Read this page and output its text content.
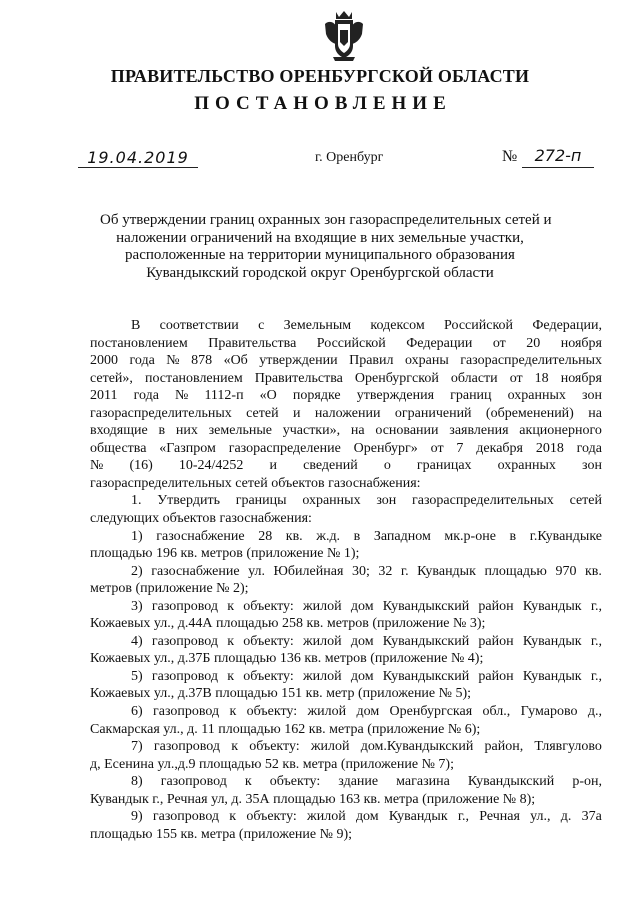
ПРАВИТЕЛЬСТВО ОРЕНБУРГСКОЙ ОБЛАСТИ
ПОСТАНОВЛЕНИЕ
19.04.2019	г. Оренбург	№	272-п
Об утверждении границ охранных зон газораспределительных сетей и
наложении ограничений на входящие в них земельные участки,
расположенные на территории муниципального образования
Кувандыкский городской округ Оренбургской области
В соответствии с Земельным кодексом Российской Федерации,
постановлением Правительства Российской Федерации от 20 ноября
2000 года № 878 «Об утверждении Правил охраны газораспределительных
сетей», постановлением Правительства Оренбургской области от 18 ноября
2011 года № 1112-п «О порядке утверждения границ охранных зон
газораспределительных сетей и наложении ограничений (обременений) на
входящие в них земельные участки», на основании заявления акционерного
общества «Газпром газораспределение Оренбург» от 7 декабря 2018 года
№ (16) 10-24/4252 и сведений о границах охранных зон
газораспределительных сетей объектов газоснабжения:
1. Утвердить границы охранных зон газораспределительных сетей
следующих объектов газоснабжения:
1) газоснабжение 28 кв. ж.д. в Западном мк.р-оне в г.Кувандыке
площадью 196 кв. метров (приложение № 1);
2) газоснабжение ул. Юбилейная 30; 32 г. Кувандык площадью 970 кв.
метров (приложение № 2);
3) газопровод к объекту: жилой дом Кувандыкский район Кувандык г.,
Кожаевых ул., д.44А площадью 258 кв. метров (приложение № 3);
4) газопровод к объекту: жилой дом Кувандыкский район Кувандык г.,
Кожаевых ул., д.37Б площадью 136 кв. метров (приложение № 4);
5) газопровод к объекту: жилой дом Кувандыкский район Кувандык г.,
Кожаевых ул., д.37В площадью 151 кв. метр (приложение № 5);
6) газопровод к объекту: жилой дом Оренбургская обл., Гумарово д.,
Сакмарская ул., д. 11 площадью 162 кв. метра (приложение № 6);
7) газопровод к объекту: жилой дом.Кувандыкский район, Тлявгулово
д, Есенина ул.,д.9 площадью 52 кв. метра (приложение № 7);
8) газопровод к объекту: здание магазина Кувандыкский р-он,
Кувандык г., Речная ул, д. 35А площадью 163 кв. метра (приложение № 8);
9) газопровод к объекту: жилой дом Кувандык г., Речная ул., д. 37а
площадью 155 кв. метра (приложение № 9);
